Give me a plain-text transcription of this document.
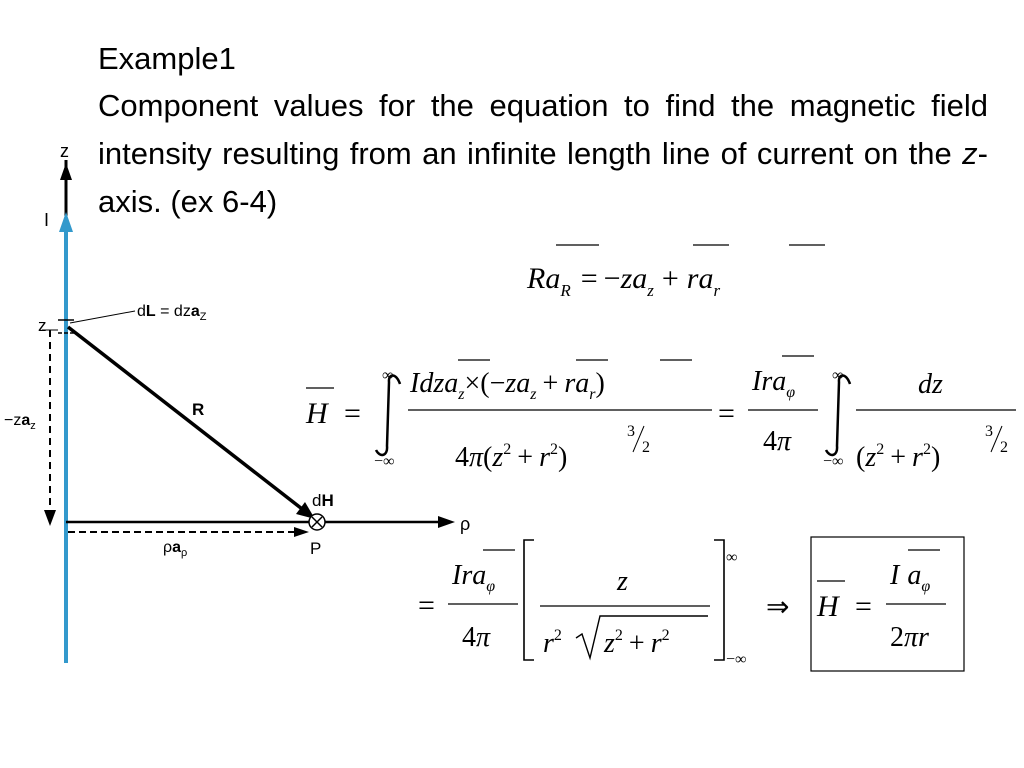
Example1
Component values for the equation to find the magnetic field intensity resulting from an infinite length line of current on the z-axis. (ex 6-4)
z
I
z
dL = dza$_Z$
$-za_z$
R
ρ
$\rho a_\rho$
dH
P
$Ra_R = -za_z + ra_r$
H =
∞
−∞
$Idza_z\times(-za_z + ra_r)$
$4\pi(z^2 + r^2)$
3
2
=
Ira$_\varphi$
4π
∞
−∞
dz
$(z^2 + r^2)$
3
2
=
Ira$_\varphi$
4π
z
$r^2$ $z^2 + r^2$
∞
−∞
⇒ H =
I $a_\varphi$
2πr
